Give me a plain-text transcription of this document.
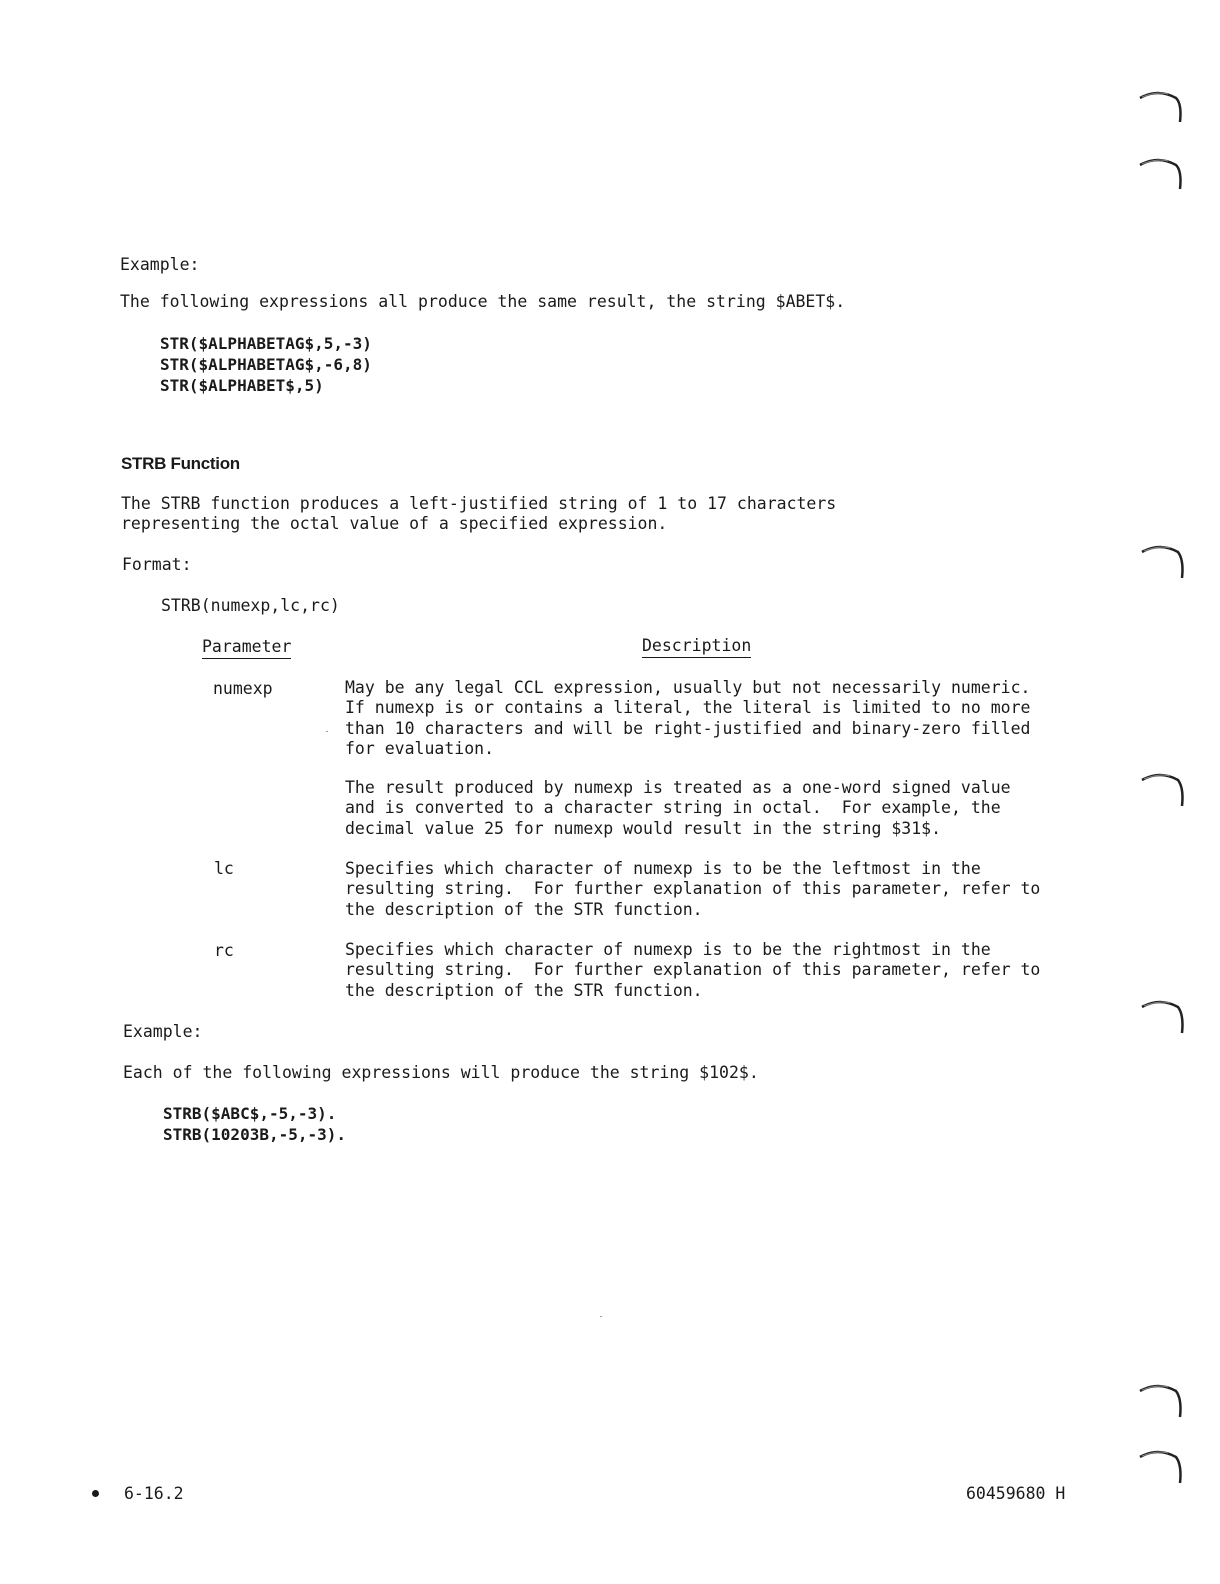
Example:
The following expressions all produce the same result, the string $ABET$.
STR($ALPHABETAG$,5,-3)
STR($ALPHABETAG$,-6,8)
STR($ALPHABET$,5)
STRB Function
The STRB function produces a left-justified string of 1 to 17 characters
representing the octal value of a specified expression.
Format:
STRB(numexp,lc,rc)
Parameter	Description
numexp	May be any legal CCL expression, usually but not necessarily numeric.
If numexp is or contains a literal, the literal is limited to no more
than 10 characters and will be right-justified and binary-zero filled
for evaluation.
The result produced by numexp is treated as a one-word signed value
and is converted to a character string in octal.  For example, the
decimal value 25 for numexp would result in the string $31$.
lc	Specifies which character of numexp is to be the leftmost in the
resulting string.  For further explanation of this parameter, refer to
the description of the STR function.
rc	Specifies which character of numexp is to be the rightmost in the
resulting string.  For further explanation of this parameter, refer to
the description of the STR function.
Example:
Each of the following expressions will produce the string $102$.
STRB($ABC$,-5,-3).
STRB(10203B,-5,-3).
6-16.2	60459680 H
